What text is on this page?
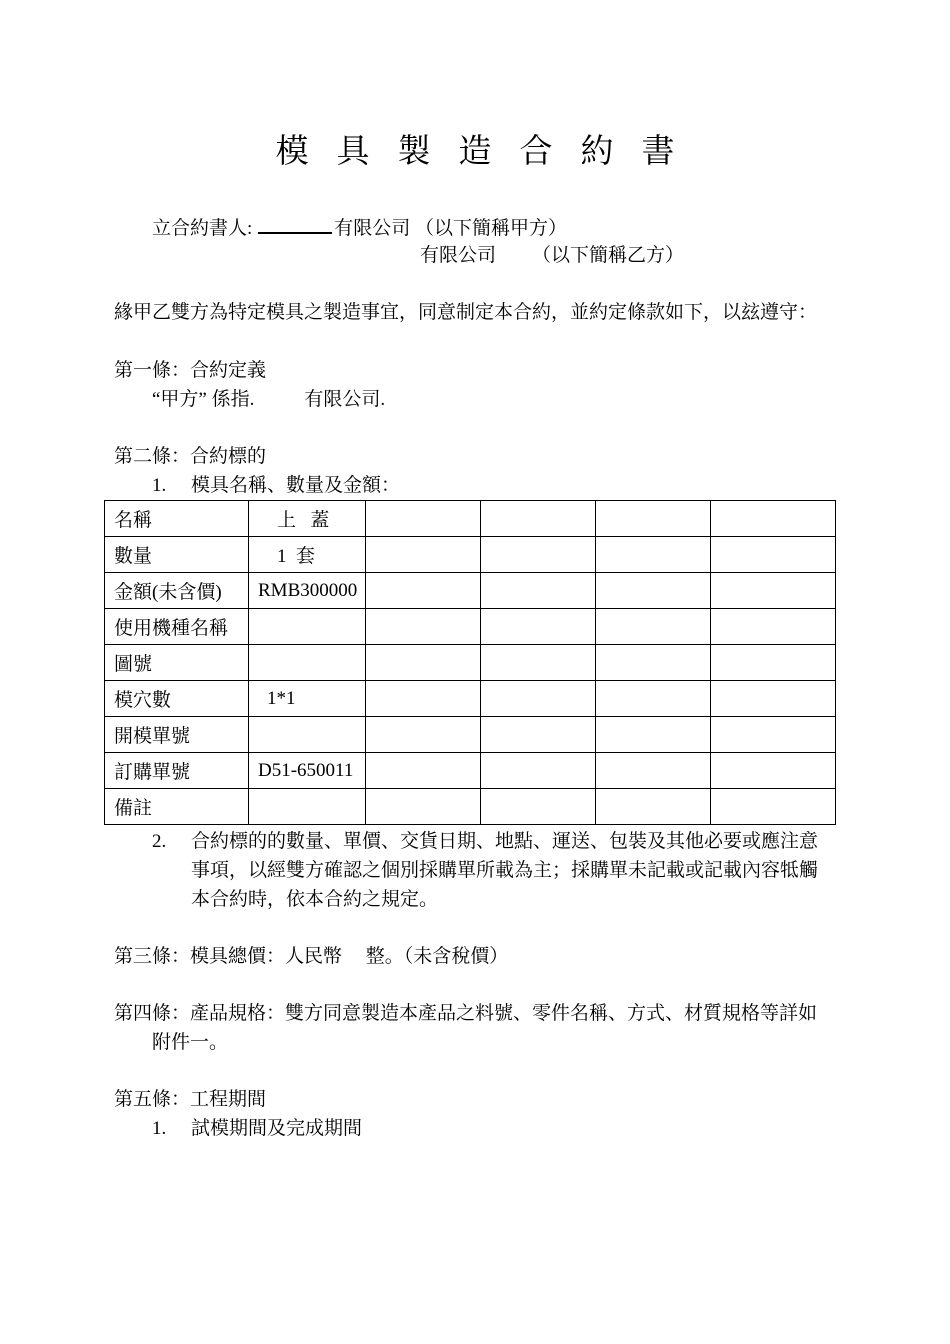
模 具 製 造 合 約 書
立合約書人:	有限公司 （以下簡稱甲方）
有限公司 （以下簡稱乙方）
緣甲乙雙方為特定模具之製造事宜，同意制定本合約，並約定條款如下，以玆遵守：
第一條：合約定義
“甲方” 係指.	有限公司.
第二條：合約標的
1. 模具名稱、數量及金額：
名稱	上   蓋				
數量	1  套				
金額(未含價)	RMB300000				
使用機種名稱					
圖號					
模穴數	1*1				
開模單號					
訂購單號	D51-650011				
備註					
2. 合約標的的數量、單價、交貨日期、地點、運送、包裝及其他必要或應注意
事項，以經雙方確認之個別採購單所載為主；採購單未記載或記載內容牴觸
本合約時，依本合約之規定。
第三條：模具總價：人民幣     整。（未含稅價）
第四條：產品規格：雙方同意製造本產品之料號、零件名稱、方式、材質規格等詳如
附件一。
第五條：工程期間
1. 試模期間及完成期間
